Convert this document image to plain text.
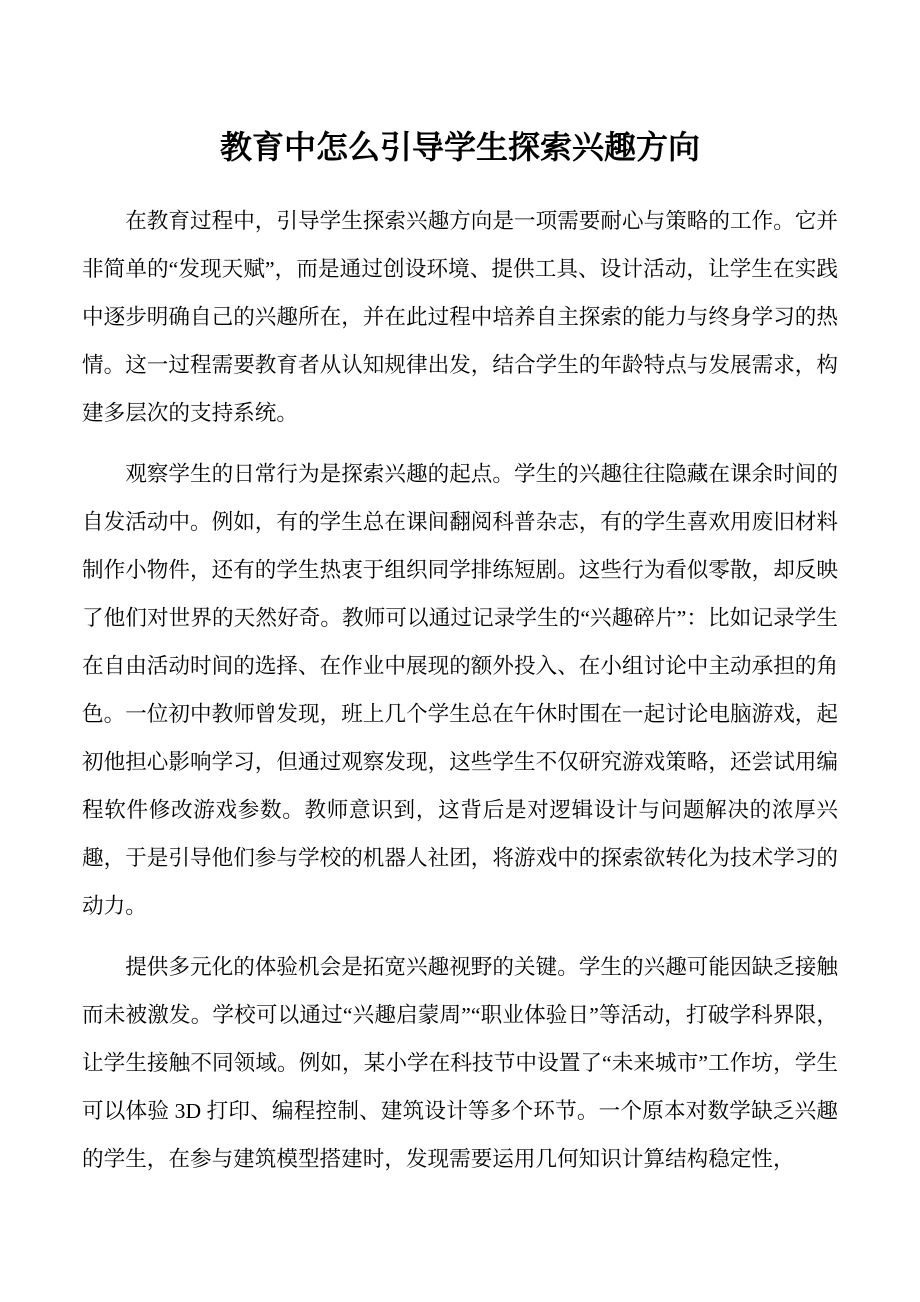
教育中怎么引导学生探索兴趣方向

在教育过程中，引导学生探索兴趣方向是一项需要耐心与策略的工作。它并非简单的“发现天赋”，而是通过创设环境、提供工具、设计活动，让学生在实践中逐步明确自己的兴趣所在，并在此过程中培养自主探索的能力与终身学习的热情。这一过程需要教育者从认知规律出发，结合学生的年龄特点与发展需求，构建多层次的支持系统。

观察学生的日常行为是探索兴趣的起点。学生的兴趣往往隐藏在课余时间的自发活动中。例如，有的学生总在课间翻阅科普杂志，有的学生喜欢用废旧材料制作小物件，还有的学生热衷于组织同学排练短剧。这些行为看似零散，却反映了他们对世界的天然好奇。教师可以通过记录学生的“兴趣碎片”：比如记录学生在自由活动时间的选择、在作业中展现的额外投入、在小组讨论中主动承担的角色。一位初中教师曾发现，班上几个学生总在午休时围在一起讨论电脑游戏，起初他担心影响学习，但通过观察发现，这些学生不仅研究游戏策略，还尝试用编程软件修改游戏参数。教师意识到，这背后是对逻辑设计与问题解决的浓厚兴趣，于是引导他们参与学校的机器人社团，将游戏中的探索欲转化为技术学习的动力。

提供多元化的体验机会是拓宽兴趣视野的关键。学生的兴趣可能因缺乏接触而未被激发。学校可以通过“兴趣启蒙周”“职业体验日”等活动，打破学科界限，让学生接触不同领域。例如，某小学在科技节中设置了“未来城市”工作坊，学生可以体验 3D 打印、编程控制、建筑设计等多个环节。一个原本对数学缺乏兴趣的学生，在参与建筑模型搭建时，发现需要运用几何知识计算结构稳定性，
